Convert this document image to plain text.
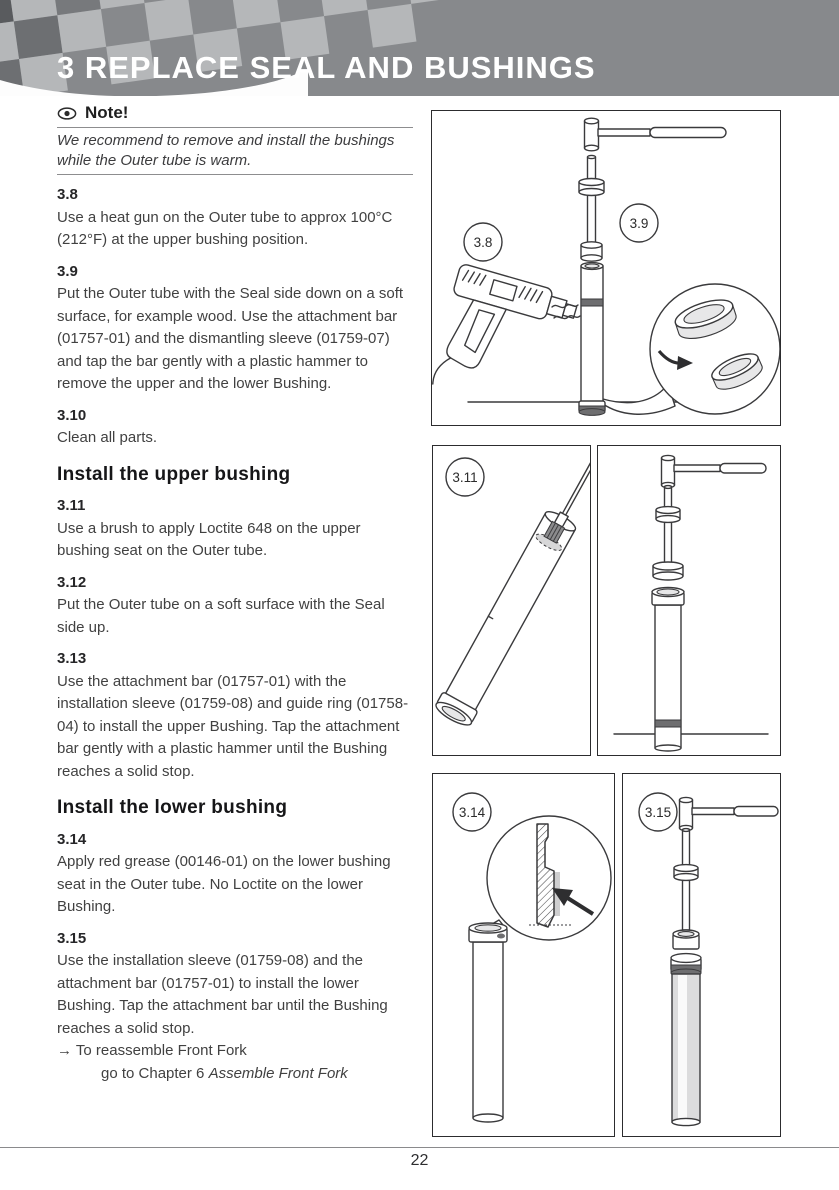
3 REPLACE SEAL AND BUSHINGS
Note!

We recommend to remove and install the bushings while the Outer tube is warm.

3.8

Use a heat gun on the Outer tube to approx 100°C (212°F) at the upper bushing position.

3.9

Put the Outer tube with the Seal side down on a soft surface, for example wood. Use the attachment bar (01757-01) and the dismantling sleeve (01759-07) and tap the bar gently with a plastic hammer to remove the upper and the lower Bushing.

3.10

Clean all parts.

Install the upper bushing
3.11

Use a brush to apply Loctite 648 on the upper bushing seat on the Outer tube.

3.12

Put the Outer tube on a soft surface with the Seal side up.

3.13

Use the attachment bar (01757-01) with the installation sleeve (01759-08) and guide ring (01758-04) to install the upper Bushing. Tap the attachment bar gently with a plastic hammer until the Bushing reaches a solid stop.

Install the lower bushing
3.14

Apply red grease (00146-01) on the lower bushing seat in the Outer tube. No Loctite on the lower Bushing.

3.15

Use the installation sleeve (01759-08) and the attachment bar (01757-01) to install the lower Bushing. Tap the attachment bar until the Bushing reaches a solid stop.

→ To reassemble Front Fork

go to Chapter 6 Assemble Front Fork

3.8
3.9
3.11
3.14	3.15
22
